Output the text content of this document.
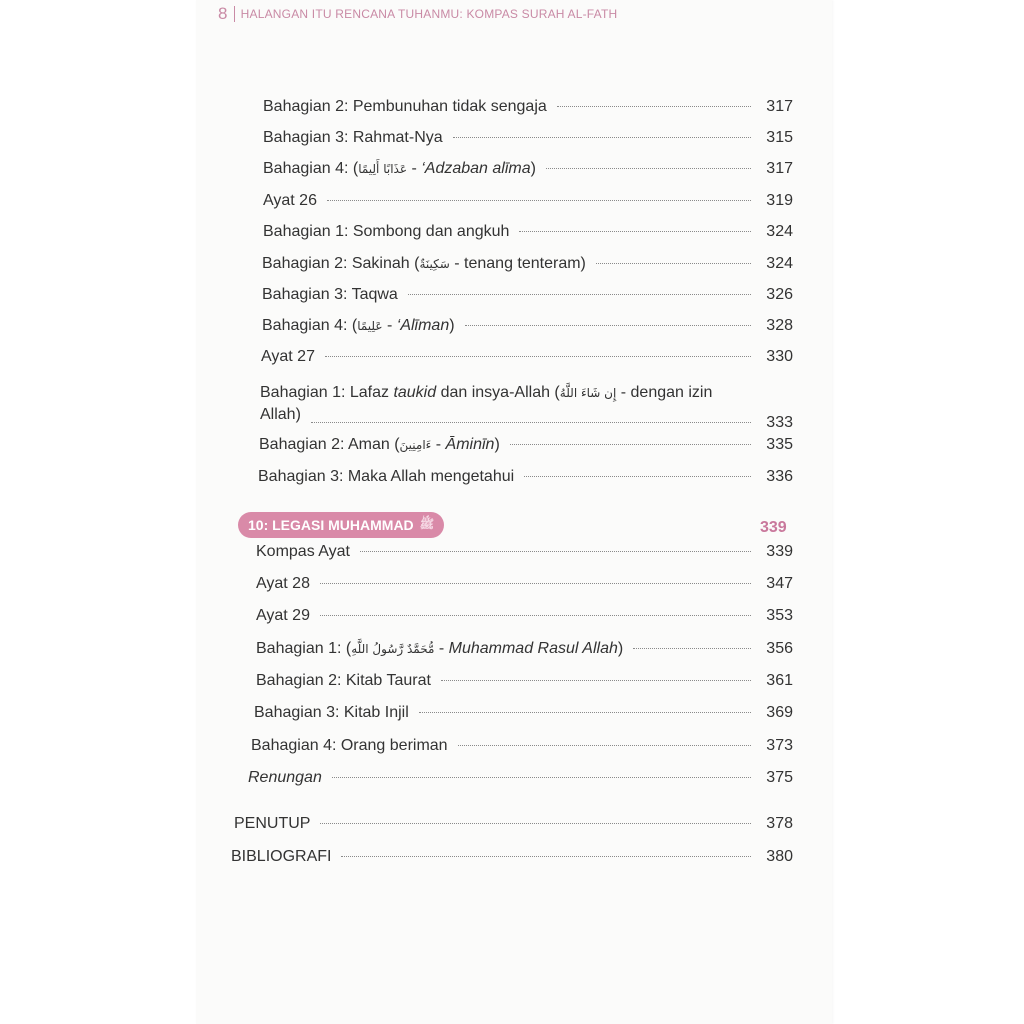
8 HALANGAN ITU RENCANA TUHANMU: KOMPAS SURAH AL-FATH
Bahagian 2: Pembunuhan tidak sengaja	317
Bahagian 3: Rahmat-Nya	315
Bahagian 4: (عَذَابًا أَلِيمًا - ‘Adzaban alīma)	317
Ayat 26	319
Bahagian 1: Sombong dan angkuh	324
Bahagian 2: Sakinah (سَكِينَةٌ - tenang tenteram)	324
Bahagian 3: Taqwa	326
Bahagian 4: (عَلِيمًا - ‘Alīman)	328
Ayat 27	330
Bahagian 1: Lafaz taukid dan insya-Allah (إِن شَاءَ اللَّهُ - dengan izin
Allah)	333
Bahagian 2: Aman (ءَامِنِينَ - Āminīn)	335
Bahagian 3: Maka Allah mengetahui	336
10: LEGASI MUHAMMAD ﷺ	339
Kompas Ayat	339
Ayat 28	347
Ayat 29	353
Bahagian 1: (مُّحَمَّدٌ رَّسُولُ اللَّهِ - Muhammad Rasul Allah)	356
Bahagian 2: Kitab Taurat	361
Bahagian 3: Kitab Injil	369
Bahagian 4: Orang beriman	373
Renungan	375
PENUTUP	378
BIBLIOGRAFI	380
